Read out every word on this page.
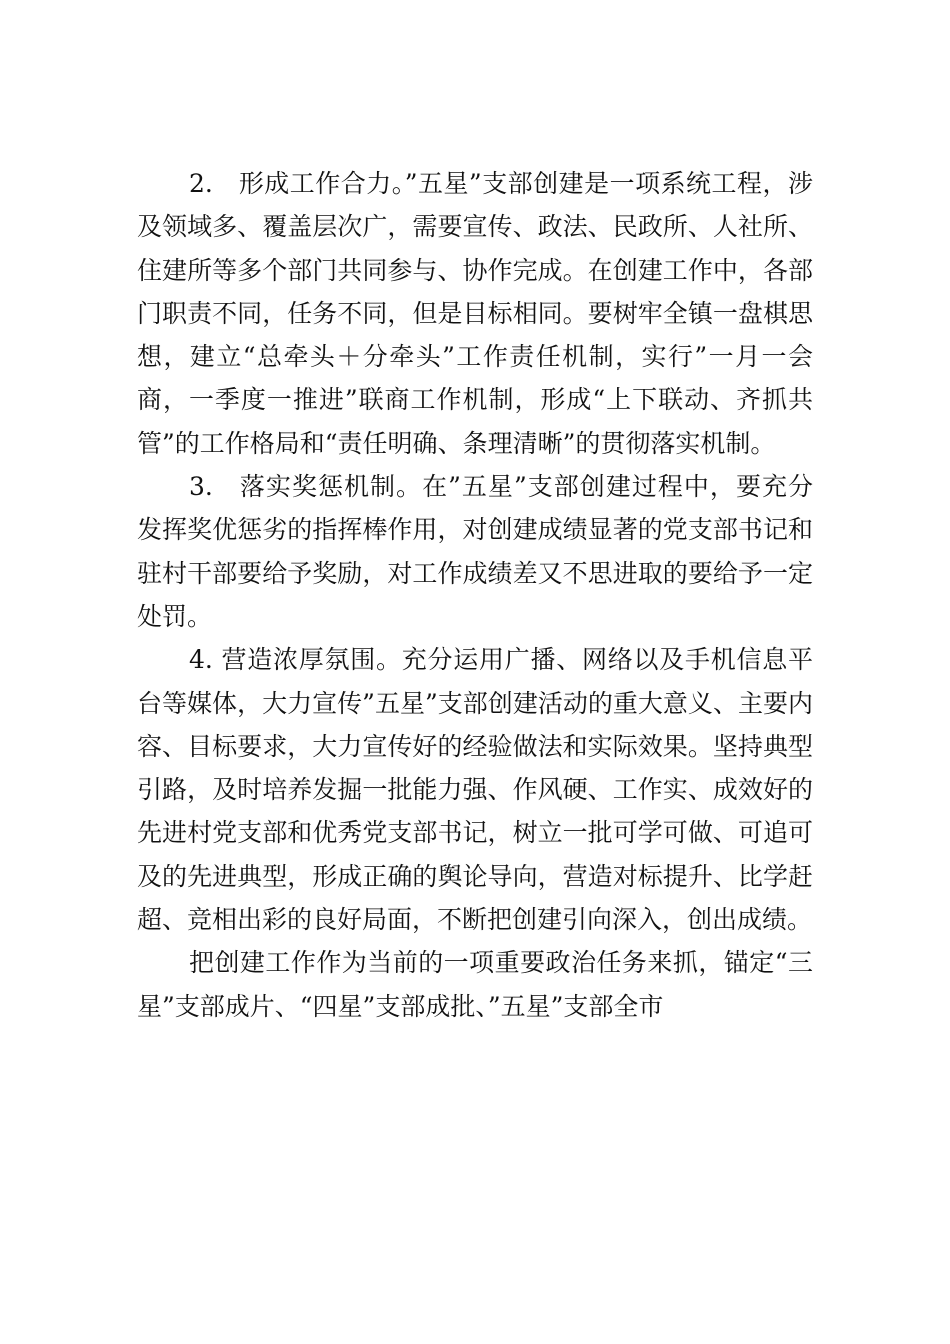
2.　形成工作合力。”五星”支部创建是一项系统工程，涉及领域多、覆盖层次广，需要宣传、政法、民政所、人社所、住建所等多个部门共同参与、协作完成。在创建工作中，各部门职责不同，任务不同，但是目标相同。要树牢全镇一盘棋思想，建立“总牵头＋分牵头”工作责任机制，实行”一月一会商，一季度一推进”联商工作机制，形成“上下联动、齐抓共管”的工作格局和“责任明确、条理清晰”的贯彻落实机制。

3.　落实奖惩机制。在”五星”支部创建过程中，要充分发挥奖优惩劣的指挥棒作用，对创建成绩显著的党支部书记和驻村干部要给予奖励，对工作成绩差又不思进取的要给予一定处罚。

4. 营造浓厚氛围。充分运用广播、网络以及手机信息平台等媒体，大力宣传”五星”支部创建活动的重大意义、主要内容、目标要求，大力宣传好的经验做法和实际效果。坚持典型引路，及时培养发掘一批能力强、作风硬、工作实、成效好的先进村党支部和优秀党支部书记，树立一批可学可做、可追可及的先进典型，形成正确的舆论导向，营造对标提升、比学赶超、竞相出彩的良好局面，不断把创建引向深入，创出成绩。

把创建工作作为当前的一项重要政治任务来抓，锚定“三星”支部成片、“四星”支部成批、”五星”支部全市
